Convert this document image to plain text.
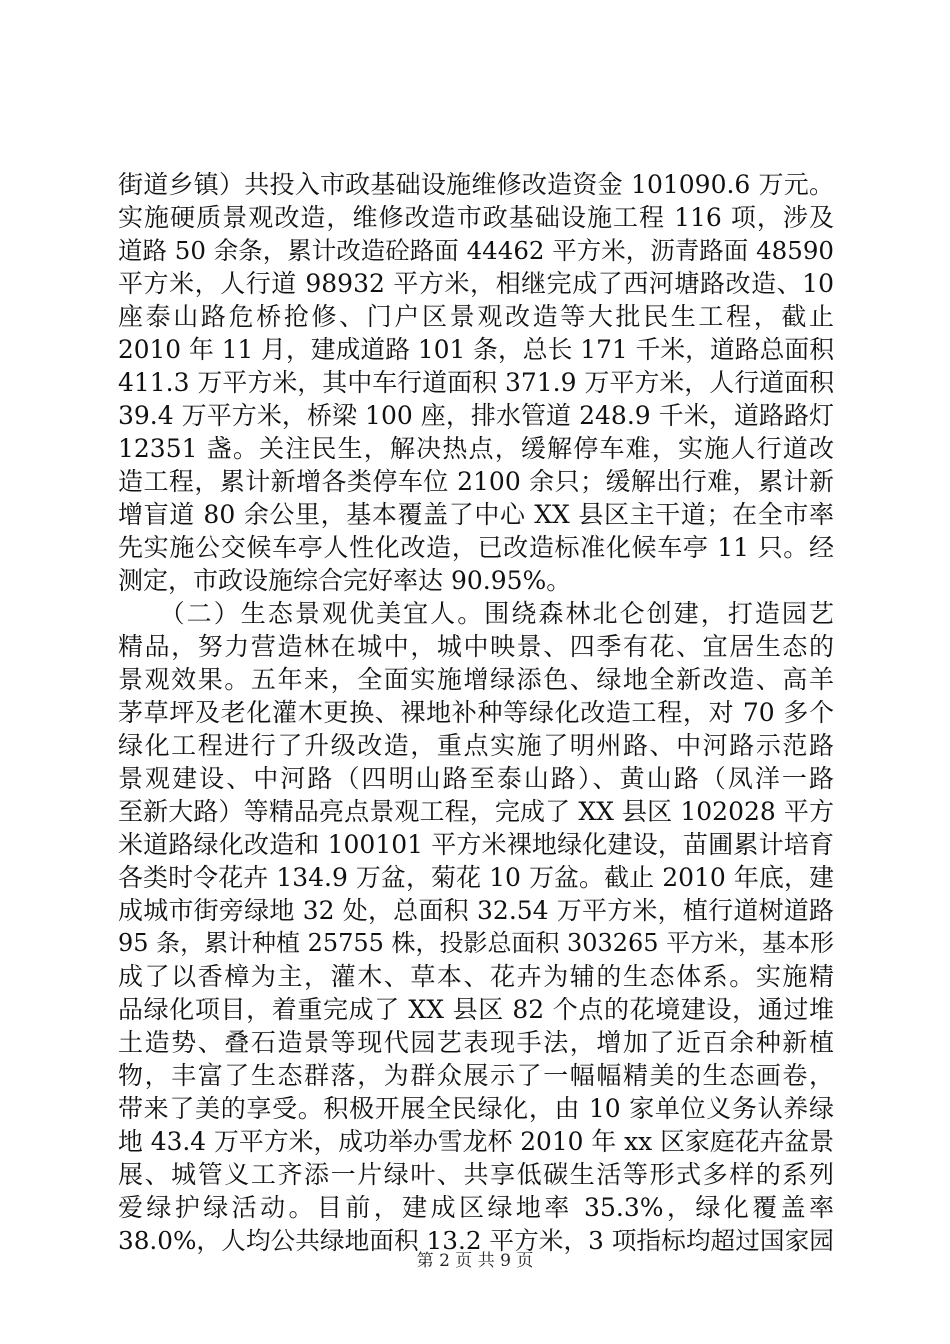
街道乡镇）共投入市政基础设施维修改造资金 101090.6 万元。
实施硬质景观改造，维修改造市政基础设施工程 116 项，涉及
道路 50 余条，累计改造砼路面 44462 平方米，沥青路面 48590
平方米，人行道 98932 平方米，相继完成了西河塘路改造、10
座泰山路危桥抢修、门户区景观改造等大批民生工程，截止
2010 年 11 月，建成道路 101 条，总长 171 千米，道路总面积
411.3 万平方米，其中车行道面积 371.9 万平方米，人行道面积
39.4 万平方米，桥梁 100 座，排水管道 248.9 千米，道路路灯
12351 盏。关注民生，解决热点，缓解停车难，实施人行道改
造工程，累计新增各类停车位 2100 余只；缓解出行难，累计新
增盲道 80 余公里，基本覆盖了中心 XX 县区主干道；在全市率
先实施公交候车亭人性化改造，已改造标准化候车亭 11 只。经
测定，市政设施综合完好率达 90.95%。
　　（二）生态景观优美宜人。围绕森林北仑创建，打造园艺
精品，努力营造林在城中，城中映景、四季有花、宜居生态的
景观效果。五年来，全面实施增绿添色、绿地全新改造、高羊
茅草坪及老化灌木更换、裸地补种等绿化改造工程，对 70 多个
绿化工程进行了升级改造，重点实施了明州路、中河路示范路
景观建设、中河路（四明山路至泰山路）、黄山路（凤洋一路
至新大路）等精品亮点景观工程，完成了 XX 县区 102028 平方
米道路绿化改造和 100101 平方米裸地绿化建设，苗圃累计培育
各类时令花卉 134.9 万盆，菊花 10 万盆。截止 2010 年底，建
成城市街旁绿地 32 处，总面积 32.54 万平方米，植行道树道路
95 条，累计种植 25755 株，投影总面积 303265 平方米，基本形
成了以香樟为主，灌木、草本、花卉为辅的生态体系。实施精
品绿化项目，着重完成了 XX 县区 82 个点的花境建设，通过堆
土造势、叠石造景等现代园艺表现手法，增加了近百余种新植
物，丰富了生态群落，为群众展示了一幅幅精美的生态画卷，
带来了美的享受。积极开展全民绿化，由 10 家单位义务认养绿
地 43.4 万平方米，成功举办雪龙杯 2010 年 xx 区家庭花卉盆景
展、城管义工齐添一片绿叶、共享低碳生活等形式多样的系列
爱绿护绿活动。目前，建成区绿地率 35.3%，绿化覆盖率
38.0%，人均公共绿地面积 13.2 平方米，3 项指标均超过国家园
第 2 页 共 9 页
